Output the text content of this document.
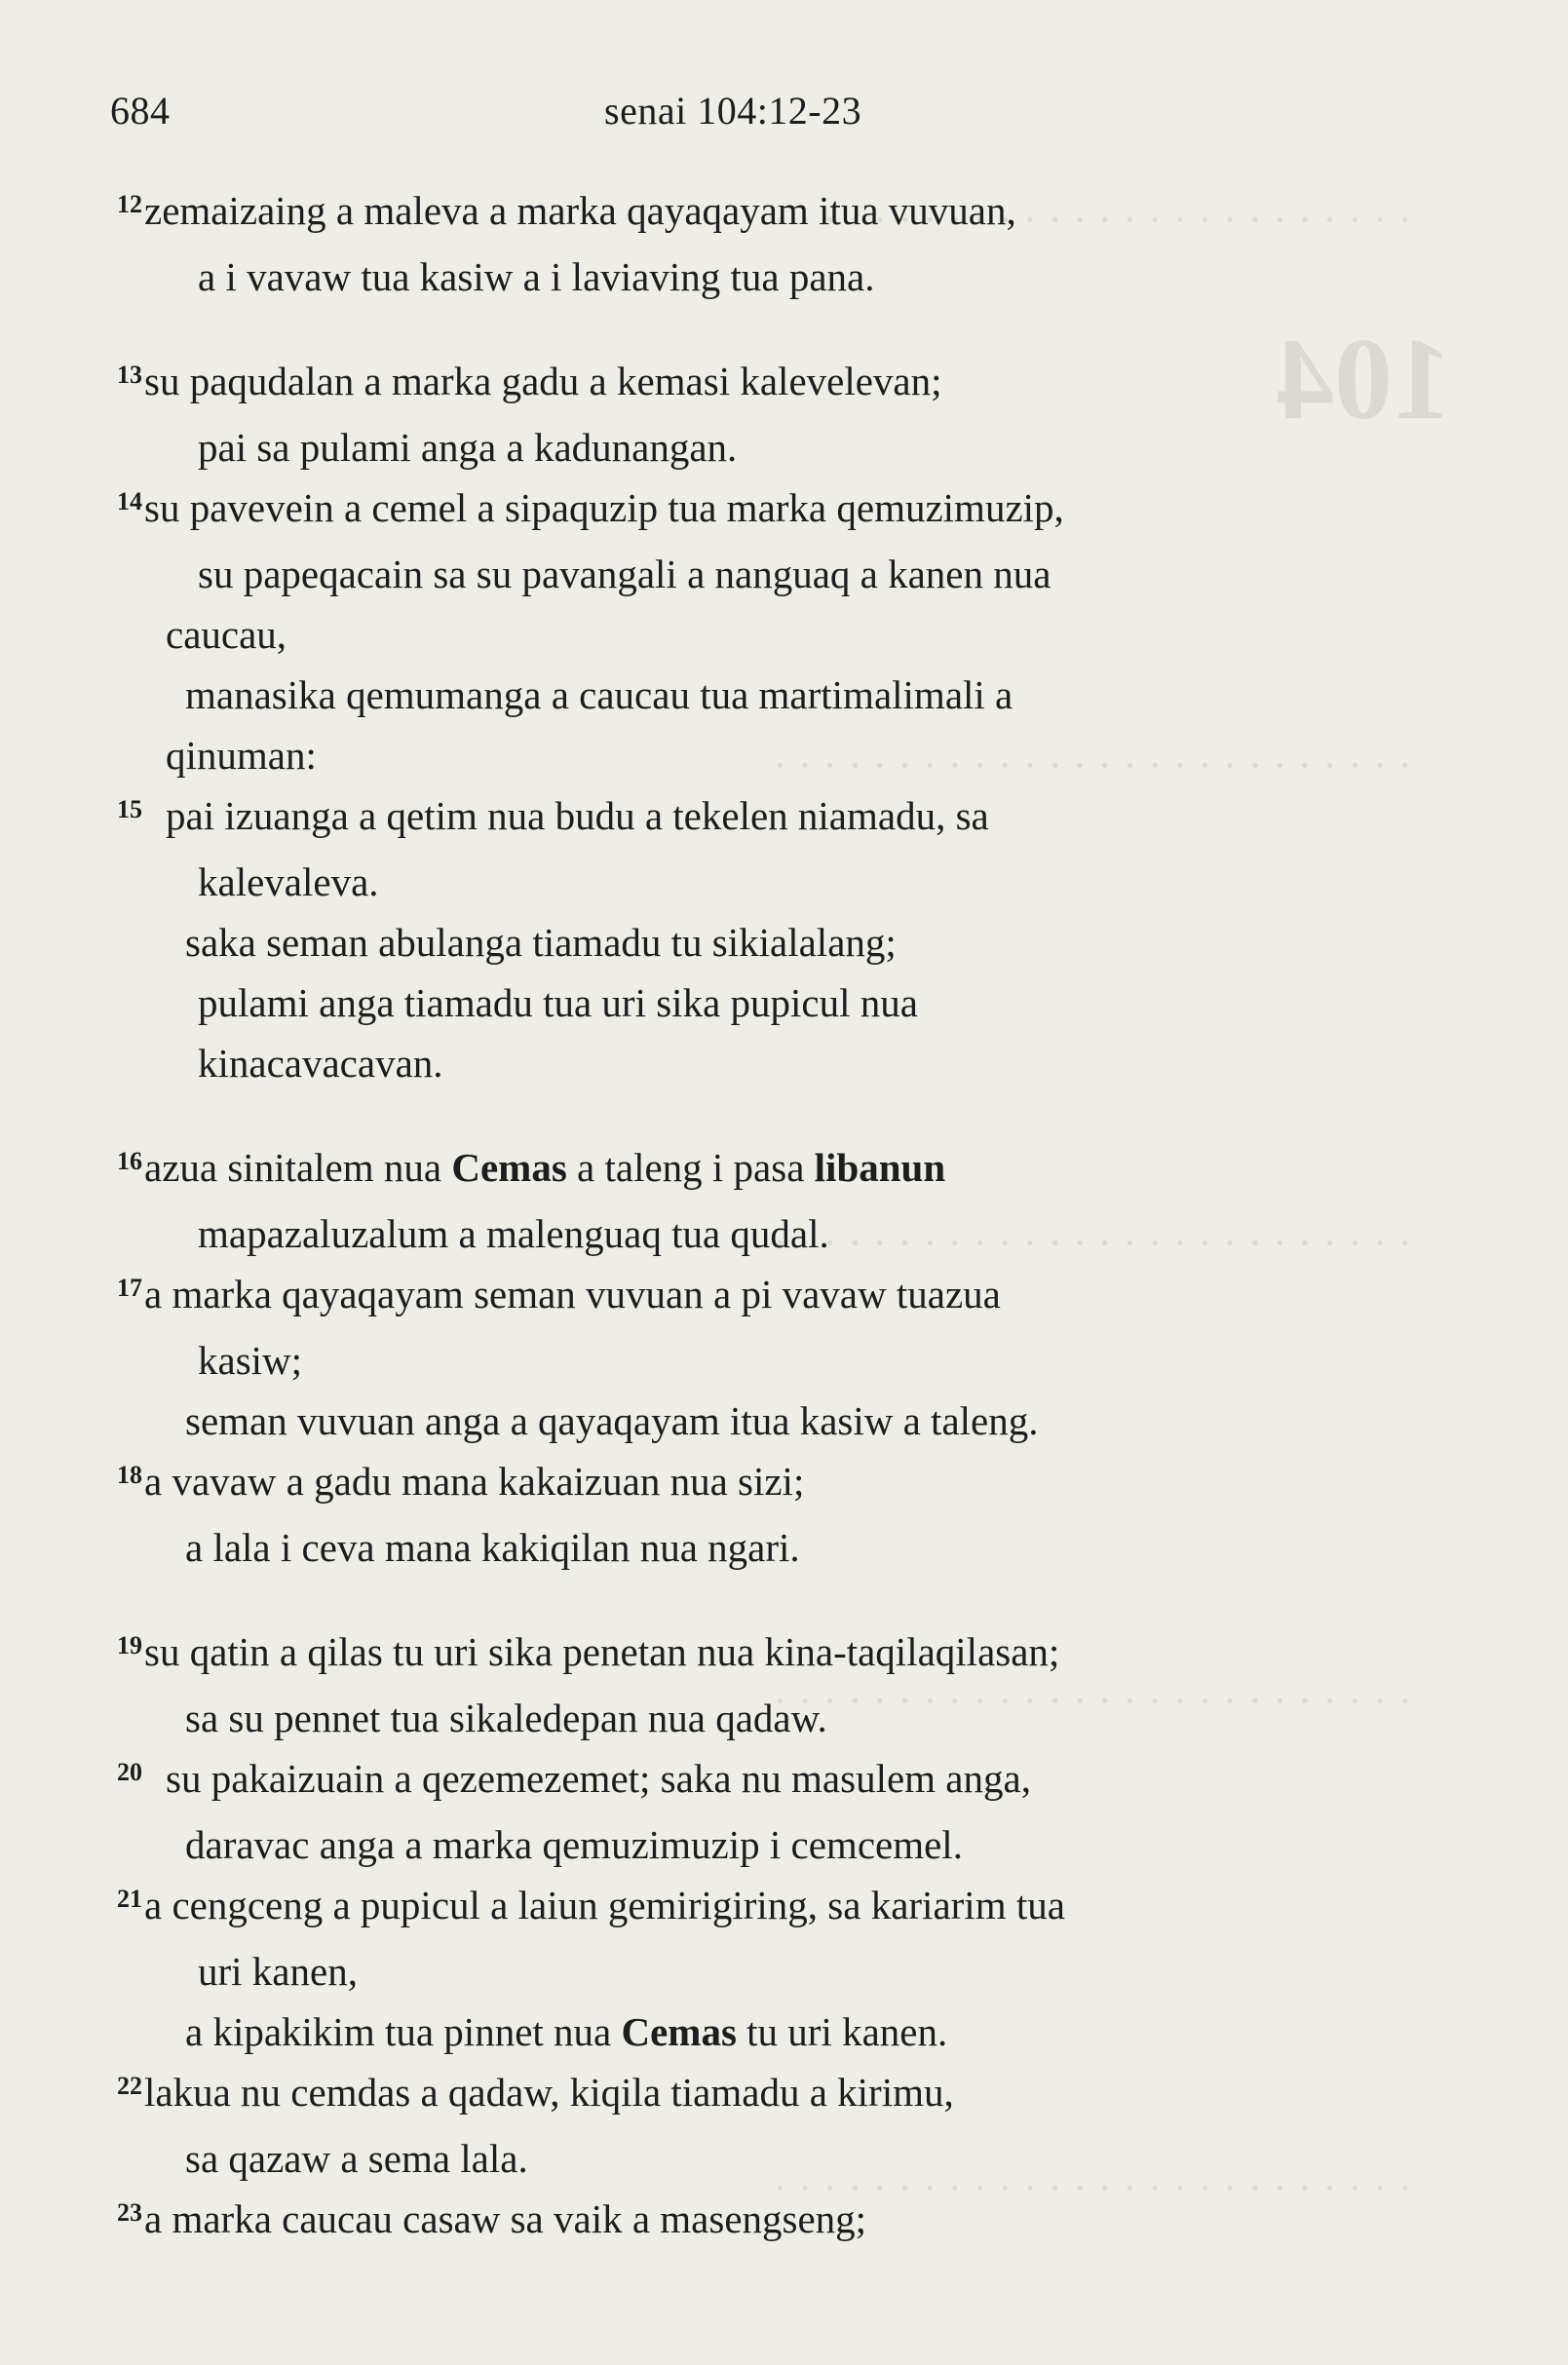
104
· · · · · · · · · · · · · · · · · · · · · · · · · ·
· · · · · · · · · · · · · · · · · · · · · · · · · ·
· · · · · · · · · · · · · · · · · · · · · · · · · ·
· · · · · · · · · · · · · · · · · · · · · · · · · ·
· · · · · · · · · · · · · · · · · · · · · · · · · ·
684	senai 104:12-23
$^{12}$zemaizaing a maleva a marka qayaqayam itua vuvuan,
a i vavaw tua kasiw a i laviaving tua pana.
$^{13}$su paqudalan a marka gadu a kemasi kalevelevan;
pai sa pulami anga a kadunangan.
$^{14}$su pavevein a cemel a sipaquzip tua marka qemuzimuzip,
su papeqacain sa su pavangali a nanguaq a kanen nua
caucau,
manasika qemumanga a caucau tua martimalimali a
qinuman:
$^{15}$ pai izuanga a qetim nua budu a tekelen niamadu, sa
kalevaleva.
saka seman abulanga tiamadu tu sikialalang;
pulami anga tiamadu tua uri sika pupicul nua
kinacavacavan.
$^{16}$azua sinitalem nua Cemas a taleng i pasa libanun
mapazaluzalum a malenguaq tua qudal.
$^{17}$a marka qayaqayam seman vuvuan a pi vavaw tuazua
kasiw;
seman vuvuan anga a qayaqayam itua kasiw a taleng.
$^{18}$a vavaw a gadu mana kakaizuan nua sizi;
a lala i ceva mana kakiqilan nua ngari.
$^{19}$su qatin a qilas tu uri sika penetan nua kina-taqilaqilasan;
sa su pennet tua sikaledepan nua qadaw.
$^{20}$ su pakaizuain a qezemezemet; saka nu masulem anga,
daravac anga a marka qemuzimuzip i cemcemel.
$^{21}$a cengceng a pupicul a laiun gemirigiring, sa kariarim tua
uri kanen,
a kipakikim tua pinnet nua Cemas tu uri kanen.
$^{22}$lakua nu cemdas a qadaw, kiqila tiamadu a kirimu,
sa qazaw a sema lala.
$^{23}$a marka caucau casaw sa vaik a masengseng;
